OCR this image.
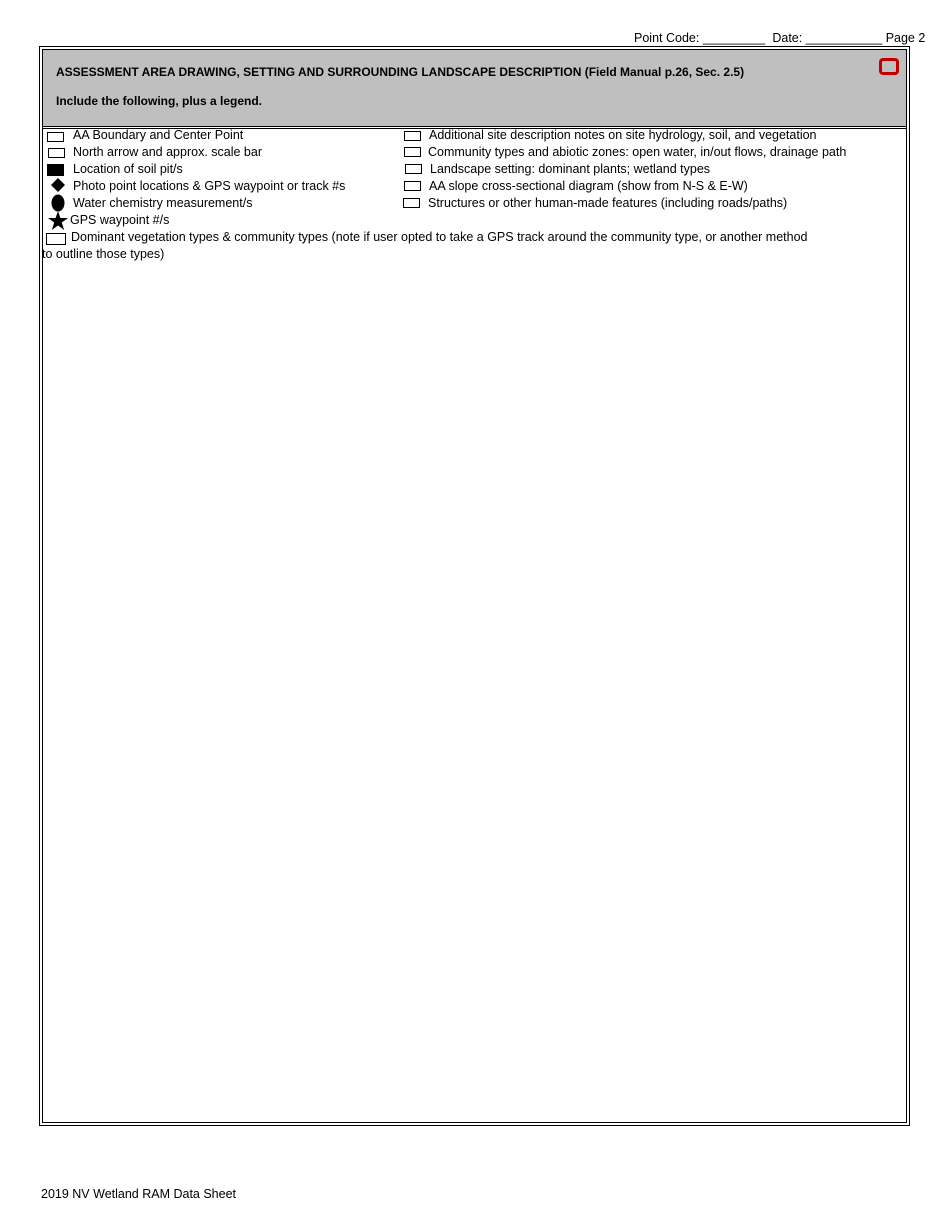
Point Code: _________ Date: ___________ Page 2
ASSESSMENT AREA DRAWING, SETTING AND SURROUNDING LANDSCAPE DESCRIPTION (Field Manual p.26, Sec. 2.5)
Include the following, plus a legend.
AA Boundary and Center Point
North arrow and approx. scale bar
Location of soil pit/s
Photo point locations & GPS waypoint or track #s
Water chemistry measurement/s
GPS waypoint #/s
Additional site description notes on site hydrology, soil, and vegetation
Community types and abiotic zones: open water, in/out flows, drainage path
Landscape setting: dominant plants; wetland types
AA slope cross-sectional diagram (show from N-S & E-W)
Structures or other human-made features (including roads/paths)
Dominant vegetation types & community types (note if user opted to take a GPS track around the community type, or another method
to outline those types)
2019 NV Wetland RAM Data Sheet
